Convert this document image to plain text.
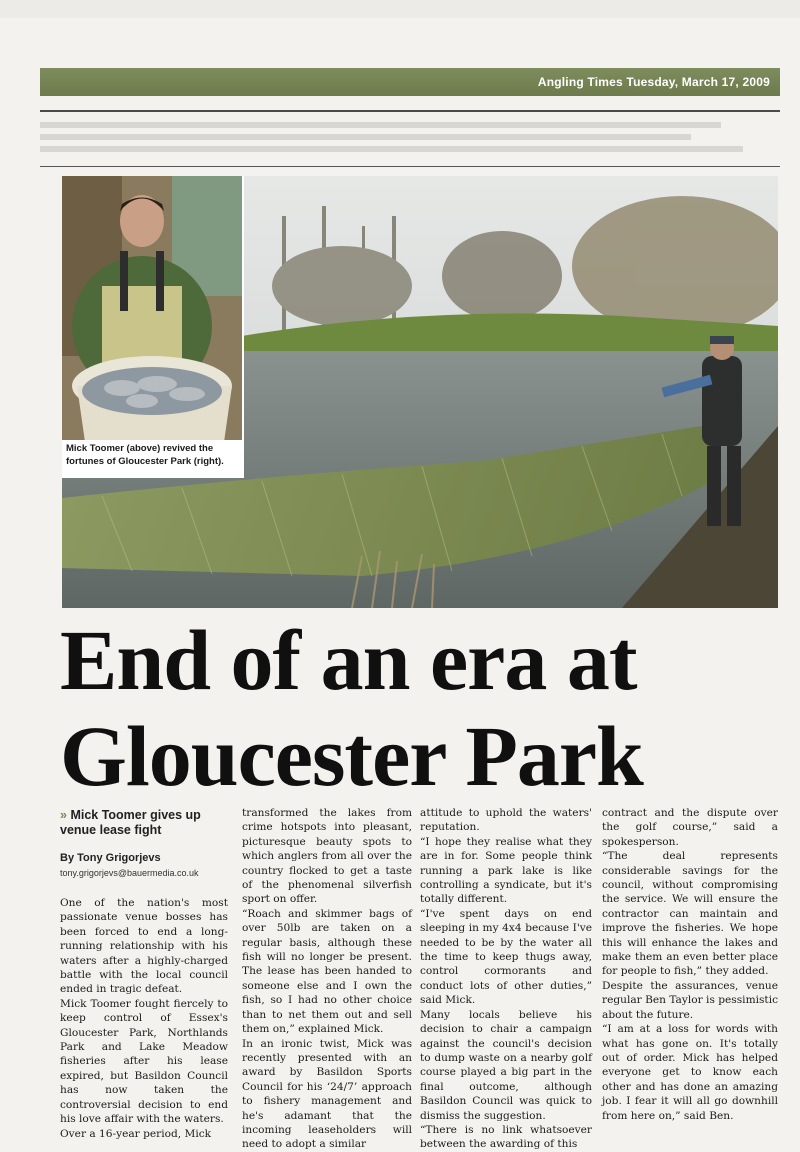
Angling Times Tuesday, March 17, 2009
Mick Toomer (above) revived the fortunes of Gloucester Park (right).
End of an era at Gloucester Park
» Mick Toomer gives up venue lease fight
By Tony Grigorjevs
tony.grigorjevs@bauermedia.co.uk

One of the nation's most passionate venue bosses has been forced to end a long-running relationship with his waters after a highly-charged battle with the local council ended in tragic defeat.

Mick Toomer fought fiercely to keep control of Essex's Gloucester Park, Northlands Park and Lake Meadow fisheries after his lease expired, but Basildon Council has now taken the controversial decision to end his love affair with the waters.

Over a 16-year period, Mick

transformed the lakes from crime hotspots into pleasant, picturesque beauty spots to which anglers from all over the country flocked to get a taste of the phenomenal silverfish sport on offer.

“Roach and skimmer bags of over 50lb are taken on a regular basis, although these fish will no longer be present. The lease has been handed to someone else and I own the fish, so I had no other choice than to net them out and sell them on,” explained Mick.

In an ironic twist, Mick was recently presented with an award by Basildon Sports Council for his ‘24/7’ approach to fishery management and he's adamant that the incoming leaseholders will need to adopt a similar

attitude to uphold the waters' reputation.

“I hope they realise what they are in for. Some people think running a park lake is like controlling a syndicate, but it's totally different.

“I've spent days on end sleeping in my 4x4 because I've needed to be by the water all the time to keep thugs away, control cormorants and conduct lots of other duties,” said Mick.

Many locals believe his decision to chair a campaign against the council's decision to dump waste on a nearby golf course played a big part in the final outcome, although Basildon Council was quick to dismiss the suggestion.

“There is no link whatsoever between the awarding of this

contract and the dispute over the golf course,” said a spokesperson.

“The deal represents considerable savings for the council, without compromising the service. We will ensure the contractor can maintain and improve the fisheries. We hope this will enhance the lakes and make them an even better place for people to fish,” they added.

Despite the assurances, venue regular Ben Taylor is pessimistic about the future.

“I am at a loss for words with what has gone on. It's totally out of order. Mick has helped everyone get to know each other and has done an amazing job. I fear it will all go downhill from here on,” said Ben.
